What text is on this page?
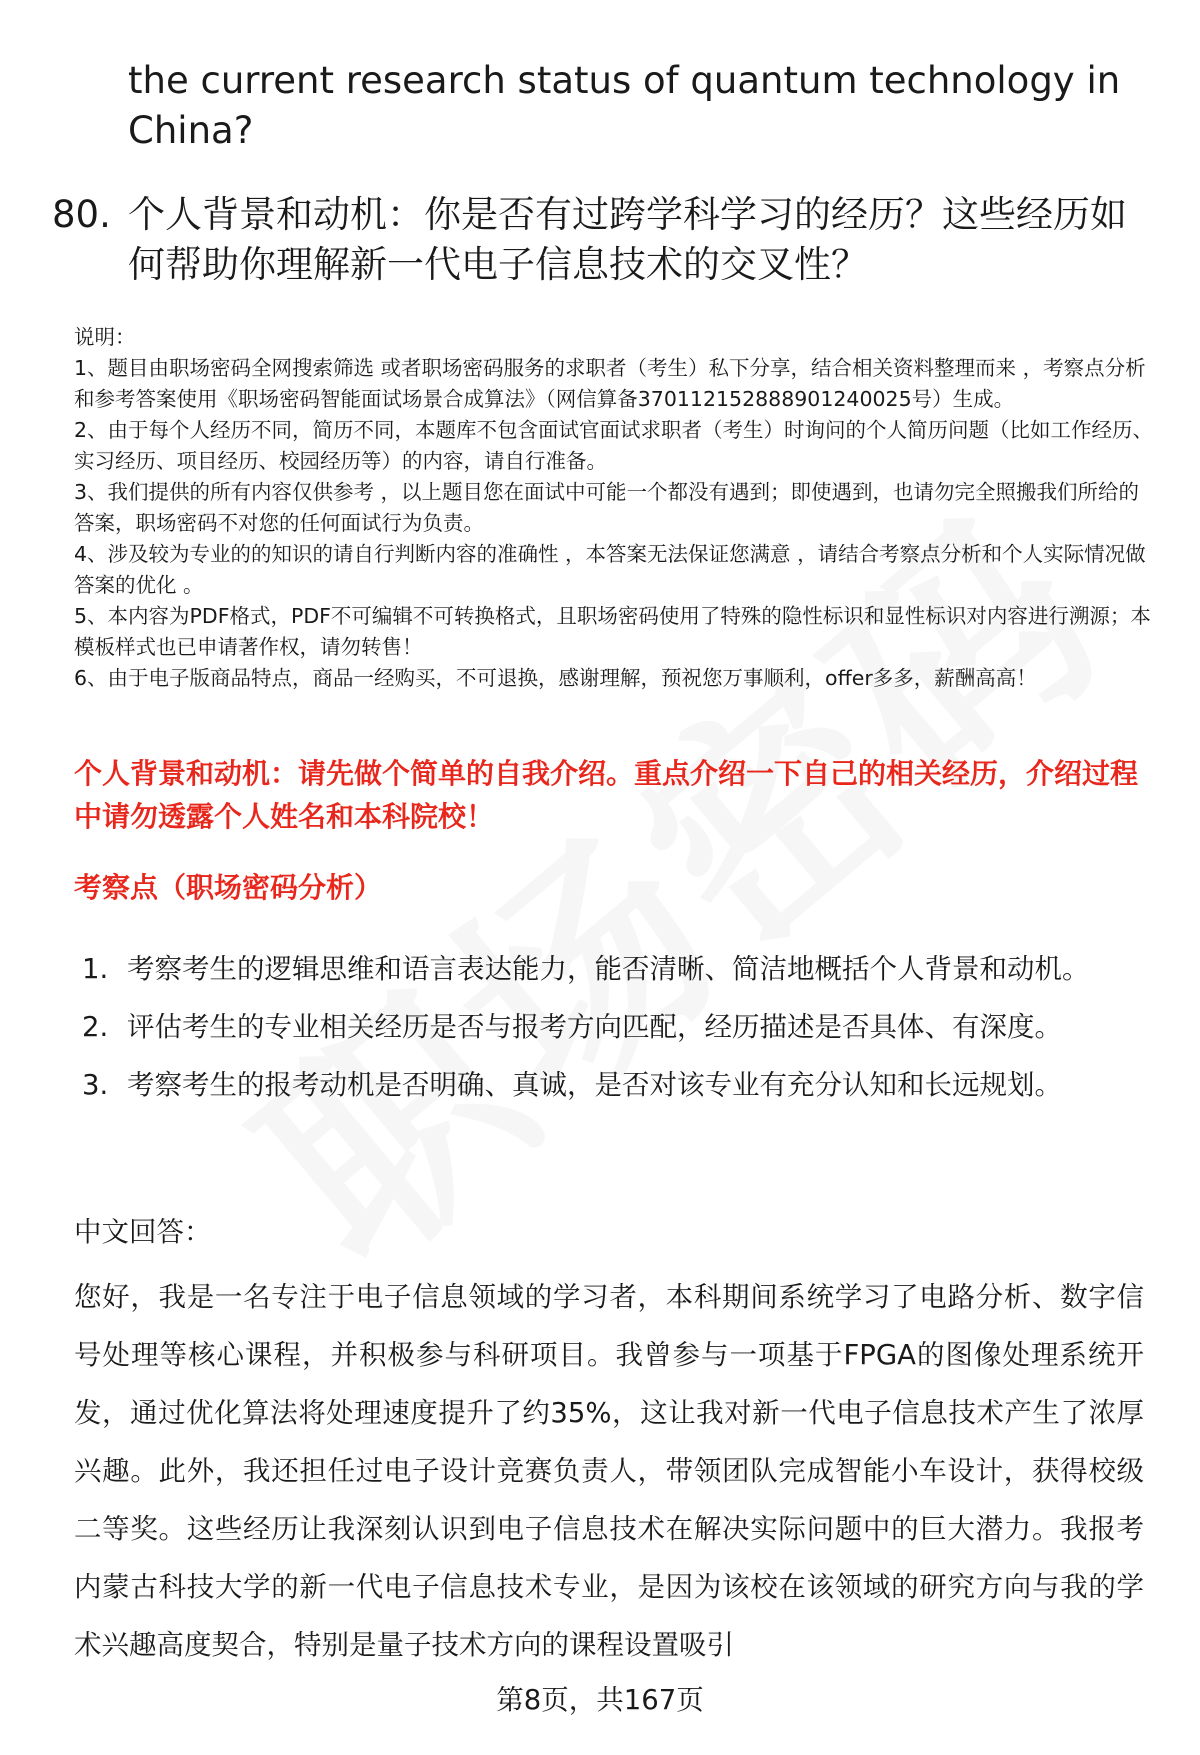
the current research status of quantum technology in China?

80. 个人背景和动机：你是否有过跨学科学习的经历？这些经历如何帮助你理解新一代电子信息技术的交叉性？

说明：

1、题目由职场密码全网搜索筛选 或者职场密码服务的求职者（考生）私下分享，结合相关资料整理而来 ，考察点分析和参考答案使用《职场密码智能面试场景合成算法》（网信算备370112152888901240025号）生成。

2、由于每个人经历不同，简历不同，本题库不包含面试官面试求职者（考生）时询问的个人简历问题（比如工作经历、实习经历、项目经历、校园经历等）的内容，请自行准备。

3、我们提供的所有内容仅供参考 ，以上题目您在面试中可能一个都没有遇到；即使遇到，也请勿完全照搬我们所给的答案，职场密码不对您的任何面试行为负责。

4、涉及较为专业的的知识的请自行判断内容的准确性 ，本答案无法保证您满意 ，请结合考察点分析和个人实际情况做答案的优化 。

5、本内容为PDF格式，PDF不可编辑不可转换格式，且职场密码使用了特殊的隐性标识和显性标识对内容进行溯源；本模板样式也已申请著作权，请勿转售！

6、由于电子版商品特点，商品一经购买，不可退换，感谢理解，预祝您万事顺利，offer多多，薪酬高高！

个人背景和动机：请先做个简单的自我介绍。重点介绍一下自己的相关经历，介绍过程中请勿透露个人姓名和本科院校！

考察点（职场密码分析）

1. 考察考生的逻辑思维和语言表达能力，能否清晰、简洁地概括个人背景和动机。
2. 评估考生的专业相关经历是否与报考方向匹配，经历描述是否具体、有深度。
3. 考察考生的报考动机是否明确、真诚，是否对该专业有充分认知和长远规划。

中文回答：

您好，我是一名专注于电子信息领域的学习者，本科期间系统学习了电路分析、数字信号处理等核心课程，并积极参与科研项目。我曾参与一项基于FPGA的图像处理系统开发，通过优化算法将处理速度提升了约35%，这让我对新一代电子信息技术产生了浓厚兴趣。此外，我还担任过电子设计竞赛负责人，带领团队完成智能小车设计，获得校级二等奖。这些经历让我深刻认识到电子信息技术在解决实际问题中的巨大潜力。我报考内蒙古科技大学的新一代电子信息技术专业，是因为该校在该领域的研究方向与我的学术兴趣高度契合，特别是量子技术方向的课程设置吸引

第8页，共167页
